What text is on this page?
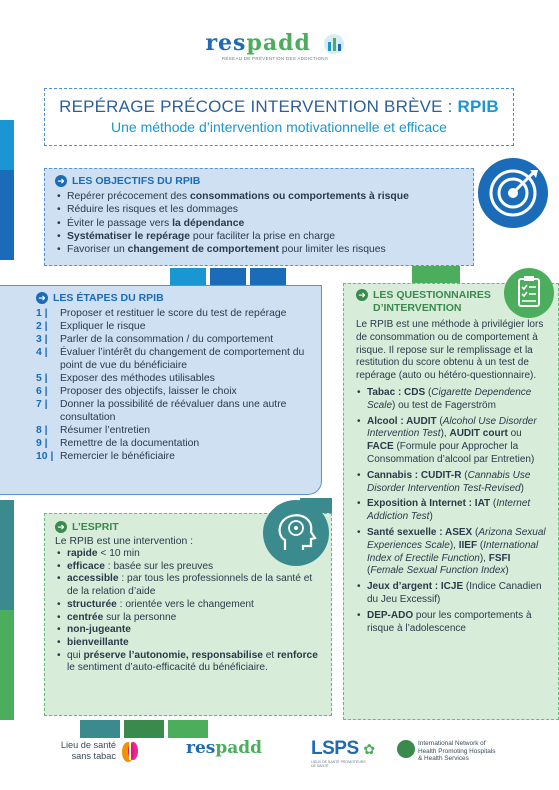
respadd
RÉSEAU DE PRÉVENTION DES ADDICTIONS
REPÉRAGE PRÉCOCE INTERVENTION BRÈVE : RPIB
Une méthode d’intervention motivationnelle et efficace
➜ LES OBJECTIFS DU RPIB
• Repérer précocement des consommations ou comportements à risque
• Réduire les risques et les dommages
• Éviter le passage vers la dépendance
• Systématiser le repérage pour faciliter la prise en charge
• Favoriser un changement de comportement pour limiter les risques
➜ LES ÉTAPES DU RPIB
1 |	Proposer et restituer le score du test de repérage
2 |	Expliquer le risque
3 |	Parler de la consommation / du comportement
4 |	Évaluer l’intérêt du changement de comportement du point de vue du bénéficiaire
5 |	Exposer des méthodes utilisables
6 |	Proposer des objectifs, laisser le choix
7 |	Donner la possibilité de réévaluer dans une autre consultation
8 |	Résumer l’entretien
9 |	Remettre de la documentation
10 | Remercier le bénéficiaire
➜ LES QUESTIONNAIRES D’INTERVENTION
Le RPIB est une méthode à privilégier lors de consommation ou de comportement à risque. Il repose sur le remplissage et la restitution du score obtenu à un test de repérage (auto ou hétéro-questionnaire).
• Tabac : CDS (Cigarette Dependence Scale) ou test de Fagerström
• Alcool : AUDIT (Alcohol Use Disorder Intervention Test), AUDIT court ou FACE (Formule pour Approcher la Consommation d’alcool par Entretien)
• Cannabis : CUDIT-R (Cannabis Use Disorder Intervention Test-Revised)
• Exposition à Internet : IAT (Internet Addiction Test)
• Santé sexuelle : ASEX (Arizona Sexual Experiences Scale), IIEF (International Index of Erectile Function), FSFI (Female Sexual Function Index)
• Jeux d’argent : ICJE (Indice Canadien du Jeu Excessif)
• DEP-ADO pour les comportements à risque à l’adolescence
➜ L’ESPRIT
Le RPIB est une intervention :
• rapide < 10 min
• efficace : basée sur les preuves
• accessible : par tous les professionnels de la santé et de la relation d’aide
• structurée : orientée vers le changement
• centrée sur la personne
• non-jugeante
• bienveillante
• qui préserve l’autonomie, responsabilise et renforce le sentiment d’auto-efficacité du bénéficiaire.
Lieu de santé
sans tabac	respadd	LSPS ✿
LIEUX DE SANTÉ PROMOTEURS DE SANTÉ
International Network of
Health Promoting Hospitals
& Health Services
